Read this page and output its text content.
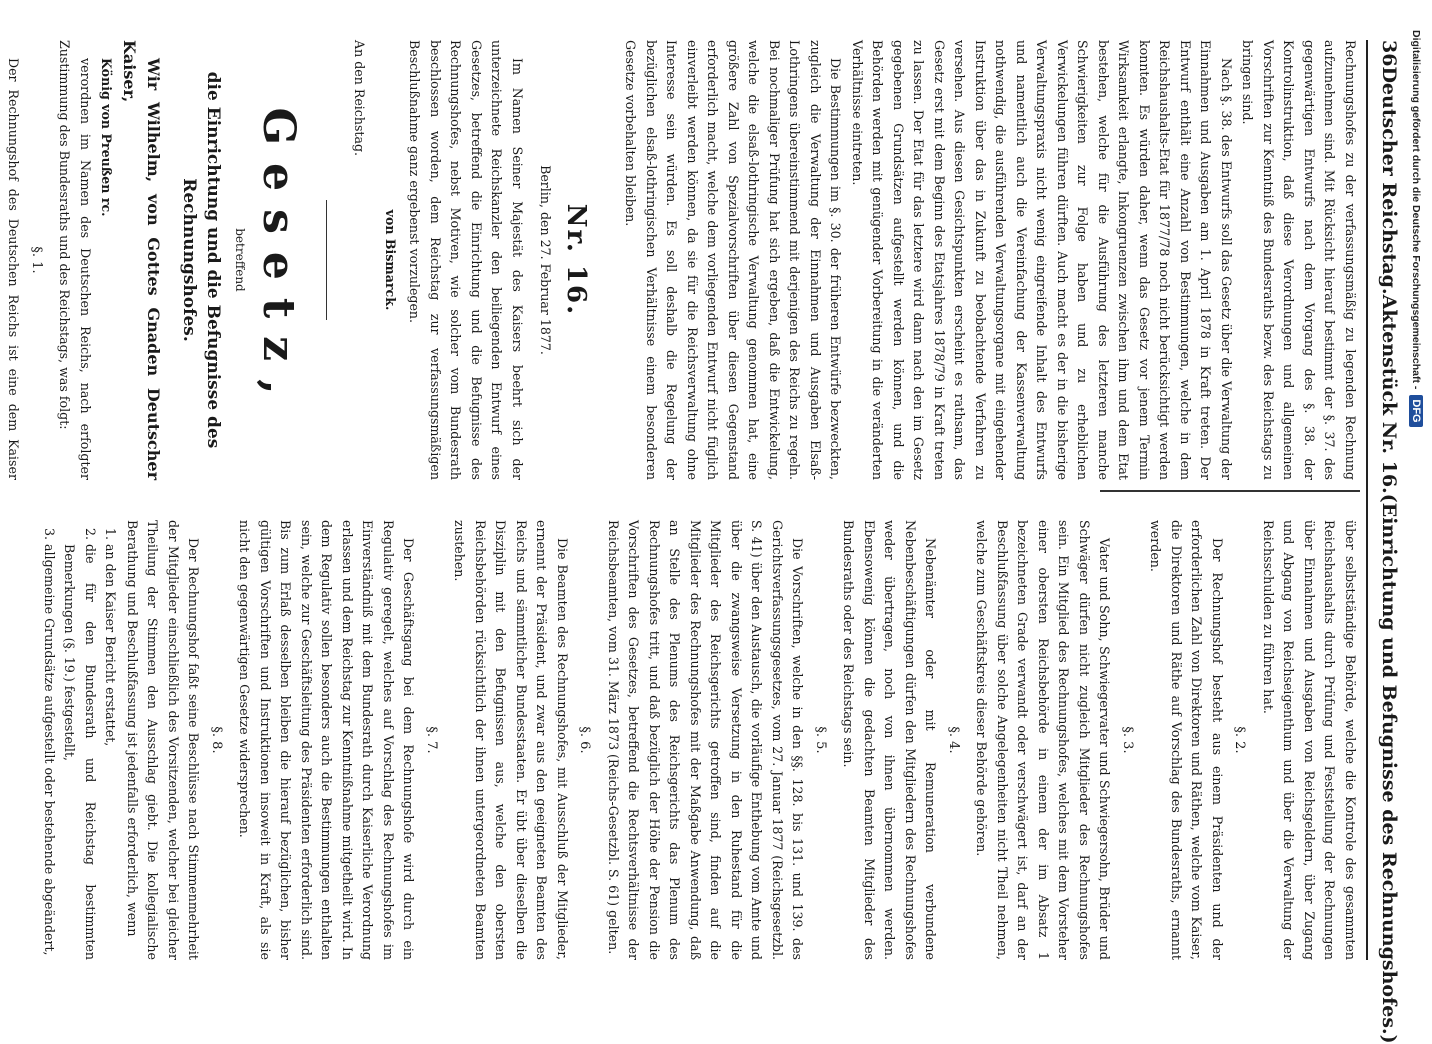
36
Deutscher Reichstag.
Aktenstück Nr. 16.
(Einrichtung und Befugnisse des Rechnungshofes.)

Rechnungshofes zu der verfassungsmäßig zu legenden Rechnung aufzunehmen sind. Mit Rücksicht hierauf bestimmt der §. 37. des gegenwärtigen Entwurfs nach dem Vorgang des §. 38. der Kontrolinstruktion, daß diese Verordnungen und allgemeinen Vorschriften zur Kenntniß des Bundesraths bezw. des Reichstags zu bringen sind.

Nach §. 38. des Entwurfs soll das Gesetz über die Verwaltung der Einnahmen und Ausgaben am 1. April 1878 in Kraft treten. Der Entwurf enthält eine Anzahl von Bestimmungen, welche in dem Reichshaushalts-Etat für 1877/78 noch nicht berücksichtigt werden konnten. Es würden daher, wenn das Gesetz vor jenem Termin Wirksamkeit erlangte, Inkongruenzen zwischen ihm und dem Etat bestehen, welche für die Ausführung des letzteren manche Schwierigkeiten zur Folge haben und zu erheblichen Verwickelungen führen dürften. Auch macht es der in die bisherige Verwaltungspraxis nicht wenig eingreifende Inhalt des Entwurfs und namentlich auch die Vereinfachung der Kassenverwaltung nothwendig, die ausführenden Verwaltungsorgane mit eingehender Instruktion über das in Zukunft zu beobachtende Verfahren zu versehen. Aus diesen Gesichtspunkten erscheint es rathsam, das Gesetz erst mit dem Beginn des Etatsjahres 1878/79 in Kraft treten zu lassen. Der Etat für das letztere wird dann nach den im Gesetz gegebenen Grundsätzen aufgestellt werden können, und die Behörden werden mit genügender Vorbereitung in die veränderten Verhältnisse eintreten.

Die Bestimmungen im §. 30. der früheren Entwürfe bezweckten, zugleich die Verwaltung der Einnahmen und Ausgaben Elsaß-Lothringens übereinstimmend mit derjenigen des Reichs zu regeln. Bei nochmaliger Prüfung hat sich ergeben, daß die Entwickelung, welche die elsaß-lothringische Verwaltung genommen hat, eine größere Zahl von Spezialvorschriften über diesen Gegenstand erforderlich macht, welche dem vorliegenden Entwurf nicht füglich einverleibt werden können, da sie für die Reichsverwaltung ohne Interesse sein würden. Es soll deshalb die Regelung der bezüglichen elsaß-lothringischen Verhältnisse einem besonderen Gesetze vorbehalten bleiben.

Nr. 16.
Berlin, den 27. Februar 1877.

Im Namen Seiner Majestät des Kaisers beehrt sich der unterzeichnete Reichskanzler den beiliegenden Entwurf eines Gesetzes, betreffend die Einrichtung und die Befugnisse des Rechnungshofes, nebst Motiven, wie solcher vom Bundesrath beschlossen worden, dem Reichstag zur verfassungsmäßigen Beschlußnahme ganz ergebenst vorzulegen.

von Bismarck.

An den Reichstag.

Gesetz,
betreffend
die Einrichtung und die Befugnisse des Rechnungshofes.

Wir Wilhelm, von Gottes Gnaden Deutscher Kaiser,

König von Preußen rc.

verordnen im Namen des Deutschen Reichs, nach erfolgter Zustimmung des Bundesraths und des Reichstags, was folgt:

§. 1.

Der Rechnungshof des Deutschen Reichs ist eine dem Kaiser

über selbstständige Behörde, welche die Kontrole des gesammten Reichshaushalts durch Prüfung und Feststellung der Rechnungen über Einnahmen und Ausgaben von Reichsgeldern, über Zugang und Abgang von Reichseigenthum und über die Verwaltung der Reichsschulden zu führen hat.

§. 2.

Der Rechnungshof besteht aus einem Präsidenten und der erforderlichen Zahl von Direktoren und Räthen, welche vom Kaiser, die Direktoren und Räthe auf Vorschlag des Bundesraths, ernannt werden.

§. 3.

Vater und Sohn, Schwiegervater und Schwiegersohn, Brüder und Schwäger dürfen nicht zugleich Mitglieder des Rechnungshofes sein. Ein Mitglied des Rechnungshofes, welches mit dem Vorsteher einer obersten Reichsbehörde in einem der im Absatz 1 bezeichneten Grade verwandt oder verschwägert ist, darf an der Beschlußfassung über solche Angelegenheiten nicht Theil nehmen, welche zum Geschäftskreis dieser Behörde gehören.

§. 4.

Nebenämter oder mit Remuneration verbundene Nebenbeschäftigungen dürfen den Mitgliedern des Rechnungshofes weder übertragen, noch von ihnen übernommen werden. Ebensowenig können die gedachten Beamten Mitglieder des Bundesraths oder des Reichstags sein.

§. 5.

Die Vorschriften, welche in den §§. 128. bis 131. und 139. des Gerichtsverfassungsgesetzes, vom 27. Januar 1877 (Reichsgesetzbl. S. 41) über den Austausch, die vorläufige Enthebung vom Amte und über die zwangsweise Versetzung in den Ruhestand für die Mitglieder des Reichsgerichts getroffen sind, finden auf die Mitglieder des Rechnungshofes mit der Maßgabe Anwendung, daß an Stelle des Plenums des Reichsgerichts das Plenum des Rechnungshofes tritt, und daß bezüglich der Höhe der Pension die Vorschriften des Gesetzes, betreffend die Rechtsverhältnisse der Reichsbeamten, vom 31. März 1873 (Reichs-Gesetzbl. S. 61) gelten.

§. 6.

Die Beamten des Rechnungshofes, mit Ausschluß der Mitglieder, ernennt der Präsident, und zwar aus den geeigneten Beamten des Reichs und sämmtlicher Bundesstaaten. Er übt über dieselben die Disziplin mit den Befugnissen aus, welche den obersten Reichsbehörden rücksichtlich der ihnen untergeordneten Beamten zustehen.

§. 7.

Der Geschäftsgang bei dem Rechnungshofe wird durch ein Regulativ geregelt, welches auf Vorschlag des Rechnungshofes im Einverständniß mit dem Bundesrath durch Kaiserliche Verordnung erlassen und dem Reichstag zur Kenntnißnahme mitgetheilt wird. In dem Regulativ sollen besonders auch die Bestimmungen enthalten sein, welche zur Geschäftsleitung des Präsidenten erforderlich sind. Bis zum Erlaß desselben bleiben die hierauf bezüglichen, bisher gültigen Vorschriften und Instruktionen insoweit in Kraft, als sie nicht den gegenwärtigen Gesetze widersprechen.

§. 8.

Der Rechnungshof faßt seine Beschlüsse nach Stimmenmehrheit der Mitglieder einschließlich des Vorsitzenden, welcher bei gleicher Theilung der Stimmen den Ausschlag giebt. Die kollegialische Berathung und Beschlußfassung ist jedenfalls erforderlich, wenn

1. an den Kaiser Bericht erstattet,
2. die für den Bundesrath und Reichstag bestimmten Bemerkungen (§. 19.) festgestellt,
3. allgemeine Grundsätze aufgestellt oder bestehende abgeändert,
Digitalisierung gefördert durch die Deutsche Forschungsgemeinschaft -
DFG
